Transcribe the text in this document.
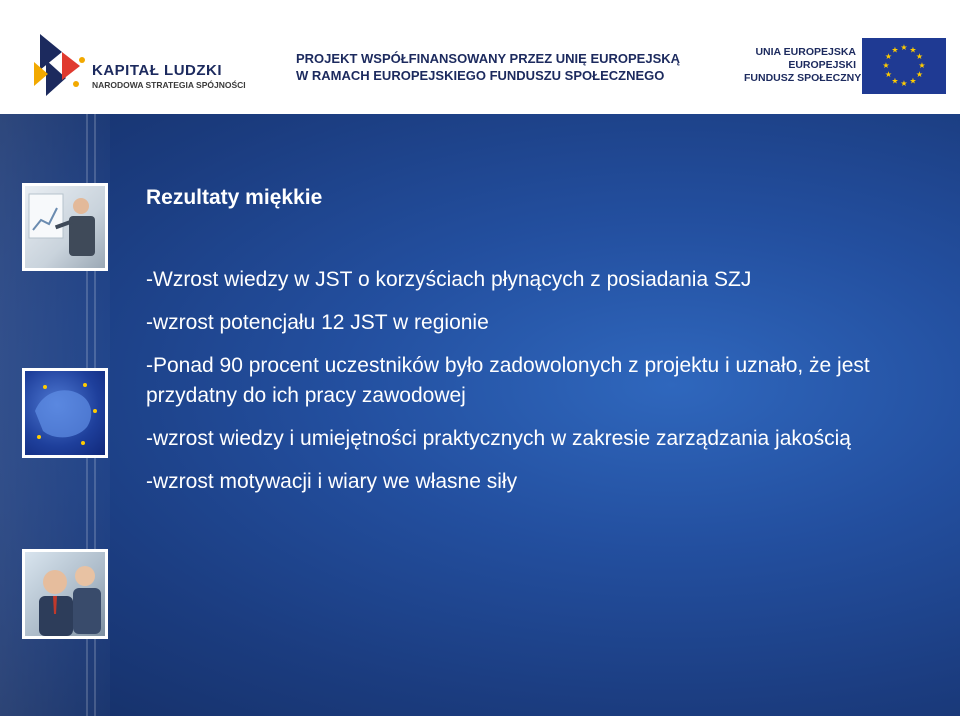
KAPITAŁ LUDZKI
NARODOWA STRATEGIA SPÓJNOŚCI
PROJEKT WSPÓŁFINANSOWANY PRZEZ UNIĘ EUROPEJSKĄ
W RAMACH EUROPEJSKIEGO FUNDUSZU SPOŁECZNEGO
UNIA EUROPEJSKA
EUROPEJSKI
FUNDUSZ SPOŁECZNY
★ ★
★
★
★
★
★
★
★
★
★
★
Rezultaty miękkie
-Wzrost wiedzy w JST o korzyściach płynących z posiadania SZJ
-wzrost potencjału 12 JST w regionie
-Ponad 90 procent uczestników było zadowolonych z projektu i uznało, że jest przydatny do ich pracy zawodowej
-wzrost wiedzy i umiejętności praktycznych w zakresie zarządzania jakością
-wzrost motywacji i wiary we własne siły
